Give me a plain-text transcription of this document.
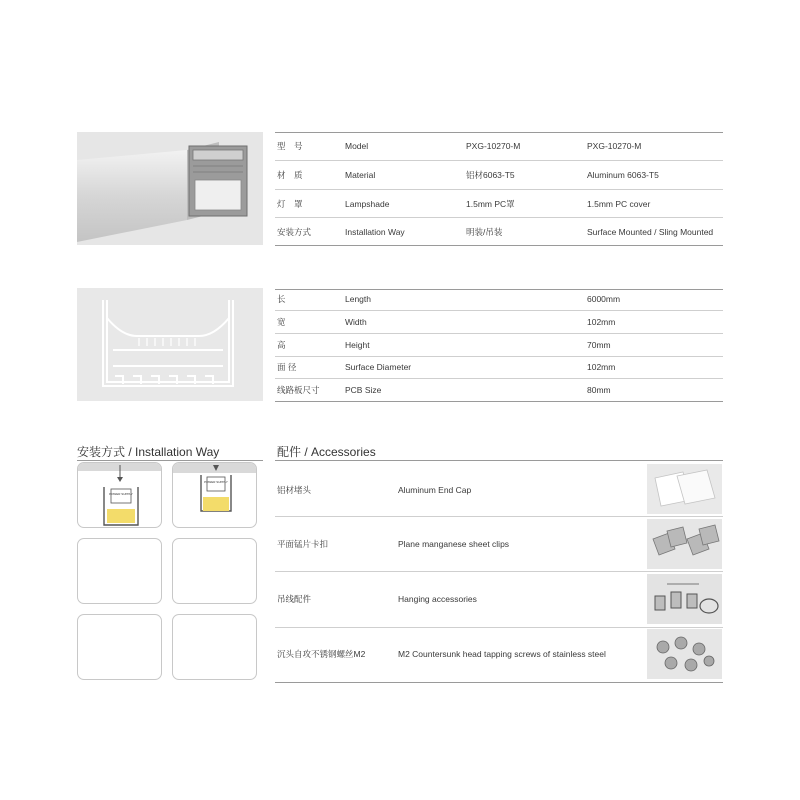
型　号	Model	PXG-10270-M	PXG-10270-M
材　质	Material	铝材6063-T5	Aluminum 6063-T5
灯　罩	Lampshade	1.5mm PC罩	1.5mm PC cover
安装方式	Installation Way	明装/吊装	Surface Mounted / Sling Mounted
长	Length	6000mm
宽	Width	102mm
高	Height	70mm
面 径	Surface Diameter	102mm
线路板尺寸	PCB Size	80mm
安装方式 / Installation Way
POWER SUPPLY
POWER SUPPLY
配件 / Accessories
铝材堵头	Aluminum End Cap
平面锰片卡扣	Plane manganese sheet clips
吊线配件	Hanging accessories
沉头自攻不锈钢螺丝M2	M2 Countersunk head tapping screws of stainless steel
